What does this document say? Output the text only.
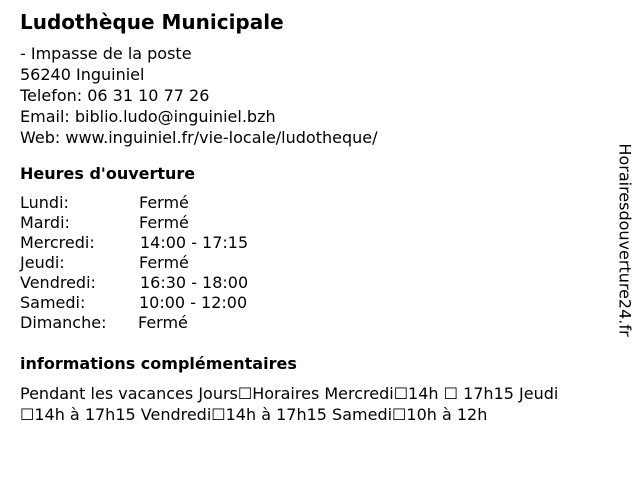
Ludothèque Municipale
- Impasse de la poste
56240 Inguiniel
Telefon: 06 31 10 77 26
Email: biblio.ludo@inguiniel.bzh
Web: www.inguiniel.fr/vie-locale/ludotheque/
Heures d'ouverture
Lundi:	Fermé
Mardi:	Fermé
Mercredi:	14:00 - 17:15
Jeudi:	Fermé
Vendredi:	16:30 - 18:00
Samedi:	10:00 - 12:00
Dimanche: Fermé
informations complémentaires
Pendant les vacances Jours☐Horaires Mercredi☐14h ☐ 17h15 Jeudi
☐14h à 17h15 Vendredi☐14h à 17h15 Samedi☐10h à 12h
Horairesdouverture24.fr
